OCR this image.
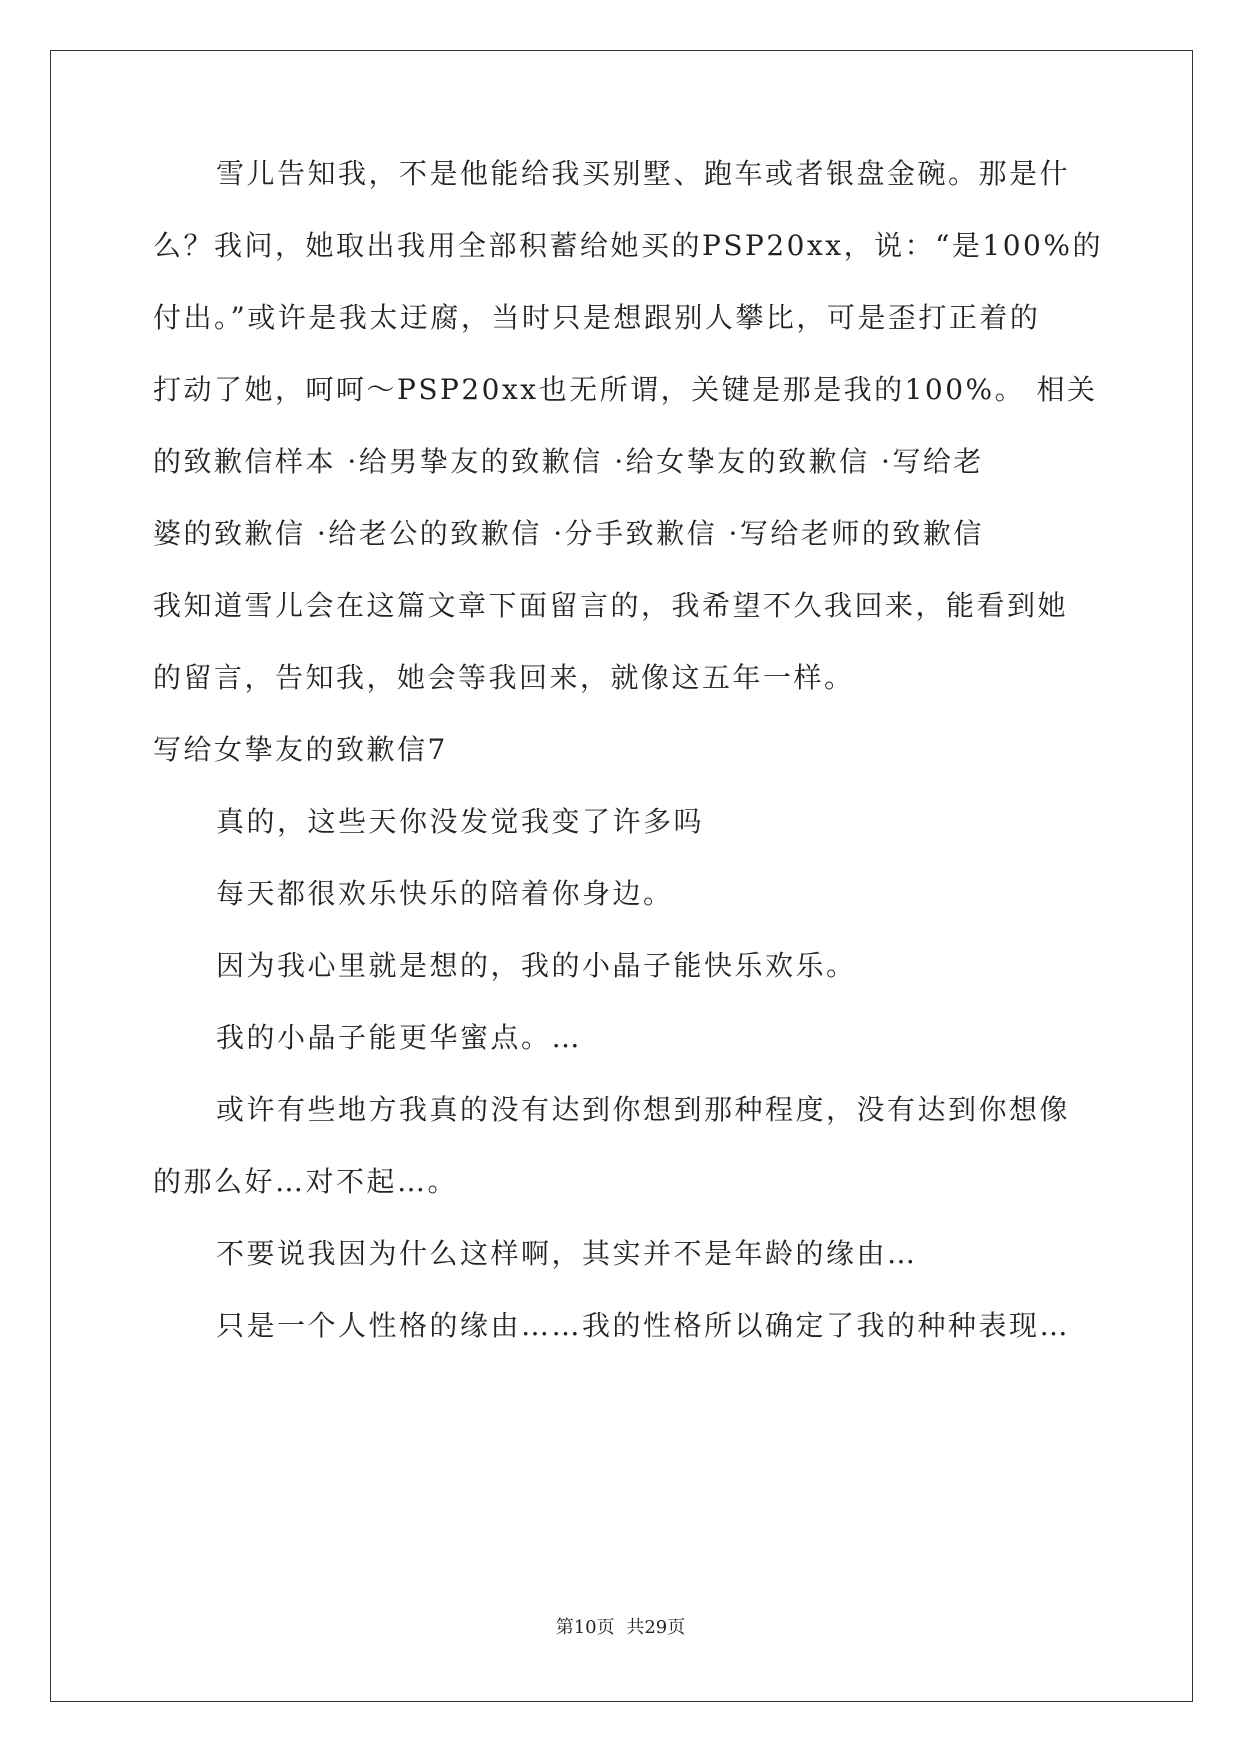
雪儿告知我，不是他能给我买别墅、跑车或者银盘金碗。那是什
么？我问，她取出我用全部积蓄给她买的PSP20xx，说：“是100%的
付出。”或许是我太迂腐，当时只是想跟别人攀比，可是歪打正着的
打动了她，呵呵～PSP20xx也无所谓，关键是那是我的100%。 相关
的致歉信样本 ·给男挚友的致歉信 ·给女挚友的致歉信 ·写给老
婆的致歉信 ·给老公的致歉信 ·分手致歉信 ·写给老师的致歉信
我知道雪儿会在这篇文章下面留言的，我希望不久我回来，能看到她
的留言，告知我，她会等我回来，就像这五年一样。
写给女挚友的致歉信7
真的，这些天你没发觉我变了许多吗
每天都很欢乐快乐的陪着你身边。
因为我心里就是想的，我的小晶子能快乐欢乐。
我的小晶子能更华蜜点。…
或许有些地方我真的没有达到你想到那种程度，没有达到你想像
的那么好…对不起…。
不要说我因为什么这样啊，其实并不是年龄的缘由…
只是一个人性格的缘由……我的性格所以确定了我的种种表现…
第10页 共29页
